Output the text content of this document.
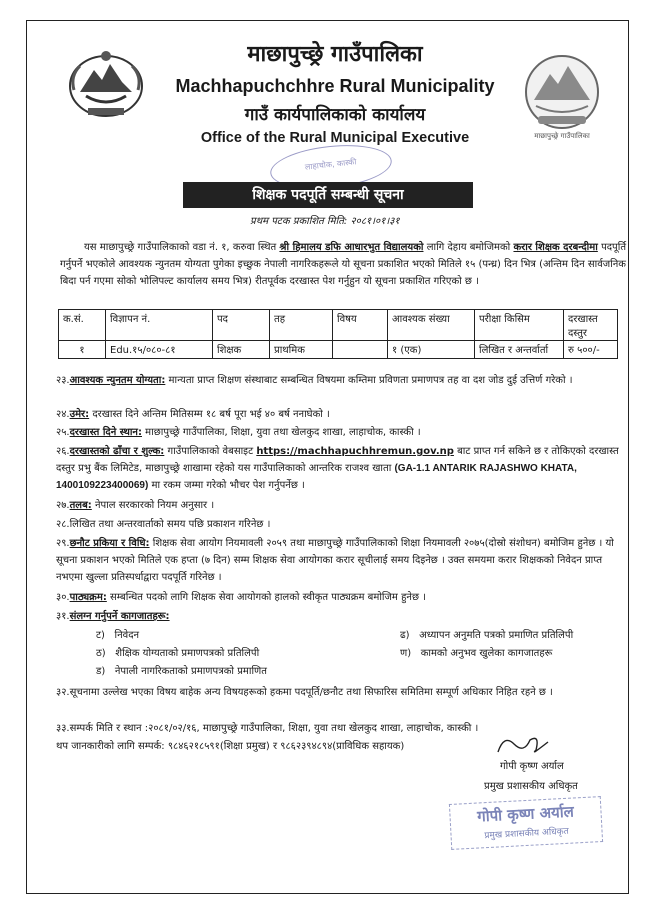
माछापुच्छ्रे गाउँपालिका
माछापुच्छ्रे गाउँपालिका
Machhapuchchhre Rural Municipality
गाउँ कार्यपालिकाको कार्यालय
Office of the Rural Municipal Executive
लाहाचोक, कास्की
शिक्षक पदपूर्ति सम्बन्धी सूचना
प्रथम पटक प्रकाशित मिति: २०८१।०१।३१
यस माछापुच्छ्रे गाउँपालिकाको वडा नं. १, करुवा स्थित श्री हिमालय डफि आधारभुत विद्यालयको लागि देहाय बमोजिमको करार शिक्षक दरबन्दीमा पदपूर्ति गर्नुपर्ने भएकोले आवश्यक न्युनतम योग्यता पुगेका इच्छुक नेपाली नागरिकहरूले यो सूचना प्रकाशित भएको मितिले १५ (पन्ध्र) दिन भित्र (अन्तिम दिन सार्वजनिक बिदा पर्न गएमा सोको भोलिपल्ट कार्यालय समय भित्र) रीतपूर्वक दरखास्त पेश गर्नुहुन यो सूचना प्रकाशित गरिएको छ ।
क.सं.	विज्ञापन नं.	पद	तह	विषय	आवश्यक संख्या	परीक्षा किसिम	दरखास्त दस्तुर
१	Edu.१५/०८०-८१	शिक्षक	प्राथमिक		१ (एक)	लिखित र अन्तर्वार्ता	रु ५००/-
२३.आवश्यक न्युनतम योग्यता: मान्यता प्राप्त शिक्षण संस्थाबाट सम्बन्धित विषयमा कम्तिमा प्रविणता प्रमाणपत्र तह वा दश जोड दुई उत्तिर्ण गरेको ।
२४.उमेर: दरखास्त दिने अन्तिम मितिसम्म १८ बर्ष पूरा भई ४० बर्ष ननाघेको ।
२५.दरखास्त दिने स्थान: माछापुच्छ्रे गाउँपालिका, शिक्षा, युवा तथा खेलकुद शाखा, लाहाचोक, कास्की ।
२६.दरखास्तको ढाँचा र शुल्क: गाउँपालिकाको वेबसाइट https://machhapuchhremun.gov.np बाट प्राप्त गर्न सकिने छ र तोकिएको दरखास्त दस्तुर प्रभु बैंक लिमिटेड, माछापुच्छ्रे शाखामा रहेको यस गाउँपालिकाको आन्तरिक राजश्व खाता (GA-1.1 ANTARIK RAJASHWO KHATA, 1400109223400069) मा रकम जम्मा गरेको भौचर पेश गर्नुपर्नेछ ।
२७.तलब: नेपाल सरकारको नियम अनुसार ।
२८.लिखित तथा अन्तरवार्ताको समय पछि प्रकाशन गरिनेछ ।
२९.छनौट प्रकिया र विधि: शिक्षक सेवा आयोग नियमावली २०५९ तथा माछापुच्छ्रे गाउँपालिकाको शिक्षा नियमावली २०७५(दोस्रो संशोधन) बमोजिम हुनेछ । यो सूचना प्रकाशन भएको मितिले एक हप्ता (७ दिन) सम्म शिक्षक सेवा आयोगका करार सूचीलाई समय दिइनेछ । उक्त समयमा करार शिक्षकको निवेदन प्राप्त नभएमा खुल्ला प्रतिस्पर्धाद्वारा पदपूर्ति गरिनेछ ।
३०.पाठ्यक्रम: सम्बन्धित पदको लागि शिक्षक सेवा आयोगको हालको स्वीकृत पाठ्यक्रम बमोजिम हुनेछ ।
३१.संलग्न गर्नुपर्ने कागजातहरू:
ट) निवेदन
ठ) शैक्षिक योग्यताको प्रमाणपत्रको प्रतिलिपी
ड) नेपाली नागरिकताको प्रमाणपत्रको प्रमाणित
ढ) अध्यापन अनुमति पत्रको प्रमाणित प्रतिलिपी
ण) कामको अनुभव खुलेका कागजातहरू
३२.सूचनामा उल्लेख भएका विषय बाहेक अन्य विषयहरूको हकमा पदपूर्ति/छनौट तथा सिफारिस समितिमा सम्पूर्ण अधिकार निहित रहने छ ।
३३.सम्पर्क मिति र स्थान :२०८१/०२/१६, माछापुच्छ्रे गाउँपालिका, शिक्षा, युवा तथा खेलकुद शाखा, लाहाचोक, कास्की ।
थप जानकारीको लागि सम्पर्क: ९८४६२१८५९१(शिक्षा प्रमुख) र ९८६२३९४८९४(प्राविधिक सहायक)
गोपी कृष्ण अर्याल
प्रमुख प्रशासकीय अधिकृत
गोपी कृष्ण अर्याल
प्रमुख प्रशासकीय अधिकृत
